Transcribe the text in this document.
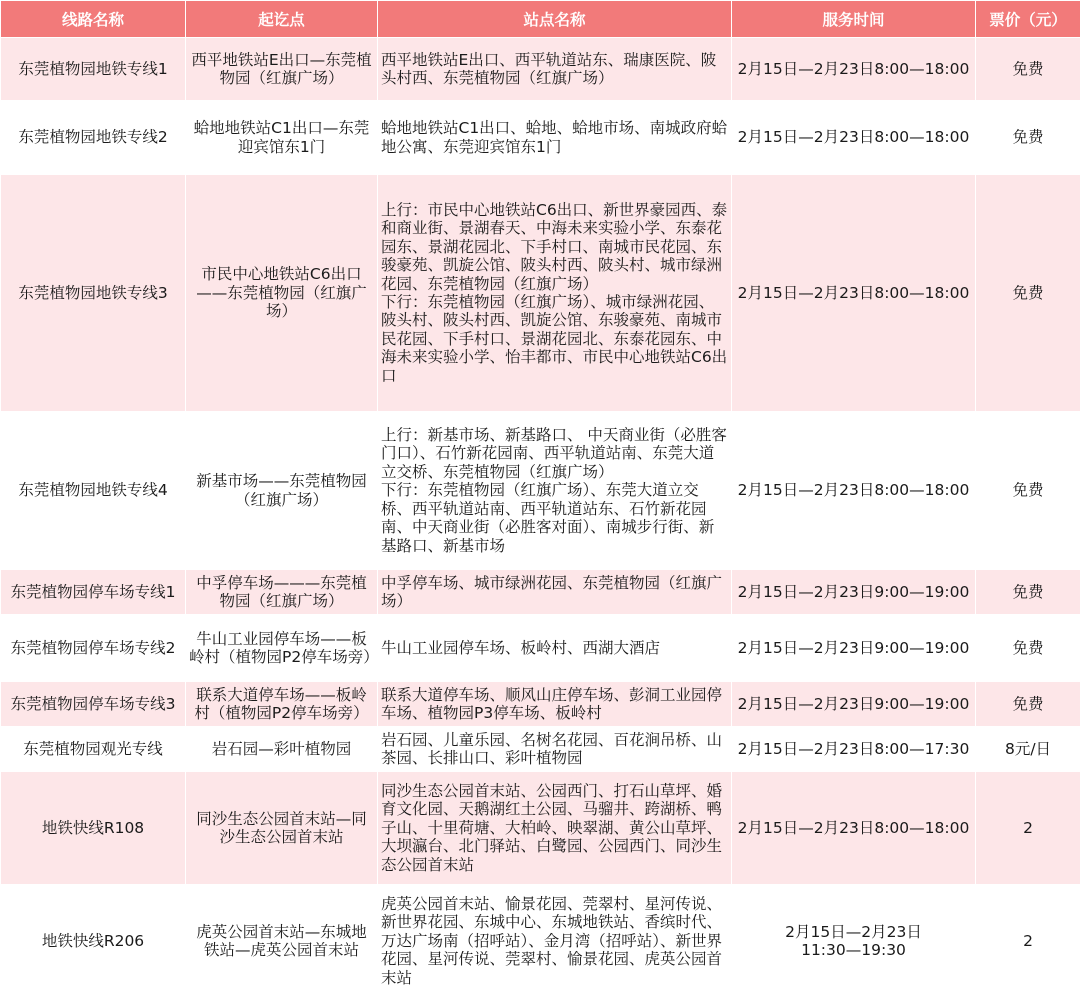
线路名称	起讫点	站点名称	服务时间	票价（元）
东莞植物园地铁专线1	西平地铁站E出口—东莞植物园（红旗广场）	西平地铁站E出口、西平轨道站东、瑞康医院、陂头村西、东莞植物园（红旗广场）	2月15日—2月23日8:00—18:00	免费
东莞植物园地铁专线2	蛤地地铁站C1出口—东莞迎宾馆东1门	蛤地地铁站C1出口、蛤地、蛤地市场、南城政府蛤地公寓、东莞迎宾馆东1门	2月15日—2月23日8:00—18:00	免费
东莞植物园地铁专线3	市民中心地铁站C6出口——东莞植物园（红旗广场）	上行：市民中心地铁站C6出口、新世界豪园西、泰和商业街、景湖春天、中海未来实验小学、东泰花园东、景湖花园北、下手村口、南城市民花园、东骏豪苑、凯旋公馆、陂头村西、陂头村、城市绿洲花园、东莞植物园（红旗广场）
下行：东莞植物园（红旗广场）、城市绿洲花园、陂头村、陂头村西、凯旋公馆、东骏豪苑、南城市民花园、下手村口、景湖花园北、东泰花园东、中海未来实验小学、怡丰都市、市民中心地铁站C6出口	2月15日—2月23日8:00—18:00	免费
东莞植物园地铁专线4	新基市场——东莞植物园（红旗广场）	上行：新基市场、新基路口、 中天商业街（必胜客门口）、石竹新花园南、西平轨道站南、东莞大道立交桥、东莞植物园（红旗广场）
下行：东莞植物园（红旗广场）、东莞大道立交桥、西平轨道站南、西平轨道站东、石竹新花园南、中天商业街（必胜客对面）、南城步行街、新基路口、新基市场	2月15日—2月23日8:00—18:00	免费
东莞植物园停车场专线1	中孚停车场———东莞植物园（红旗广场）	中孚停车场、城市绿洲花园、东莞植物园（红旗广场）	2月15日—2月23日9:00—19:00	免费
东莞植物园停车场专线2	牛山工业园停车场——板岭村（植物园P2停车场旁）	牛山工业园停车场、板岭村、西湖大酒店	2月15日—2月23日9:00—19:00	免费
东莞植物园停车场专线3	联系大道停车场——板岭村（植物园P2停车场旁）	联系大道停车场、顺风山庄停车场、彭洞工业园停车场、植物园P3停车场、板岭村	2月15日—2月23日9:00—19:00	免费
东莞植物园观光专线	岩石园—彩叶植物园	岩石园、儿童乐园、名树名花园、百花涧吊桥、山茶园、长排山口、彩叶植物园	2月15日—2月23日8:00—17:30	8元/日
地铁快线R108	同沙生态公园首末站—同沙生态公园首末站	同沙生态公园首末站、公园西门、打石山草坪、婚育文化园、天鹅湖红土公园、马骝井、跨湖桥、鸭子山、十里荷塘、大柏岭、映翠湖、黄公山草坪、大坝瀛台、北门驿站、白鹭园、公园西门、同沙生态公园首末站	2月15日—2月23日8:00—18:00	2
地铁快线R206	虎英公园首末站—东城地铁站—虎英公园首末站	虎英公园首末站、愉景花园、莞翠村、星河传说、新世界花园、东城中心、东城地铁站、香缤时代、万达广场南（招呼站）、金月湾（招呼站）、新世界花园、星河传说、莞翠村、愉景花园、虎英公园首末站	2月15日—2月23日
11:30—19:30	2
